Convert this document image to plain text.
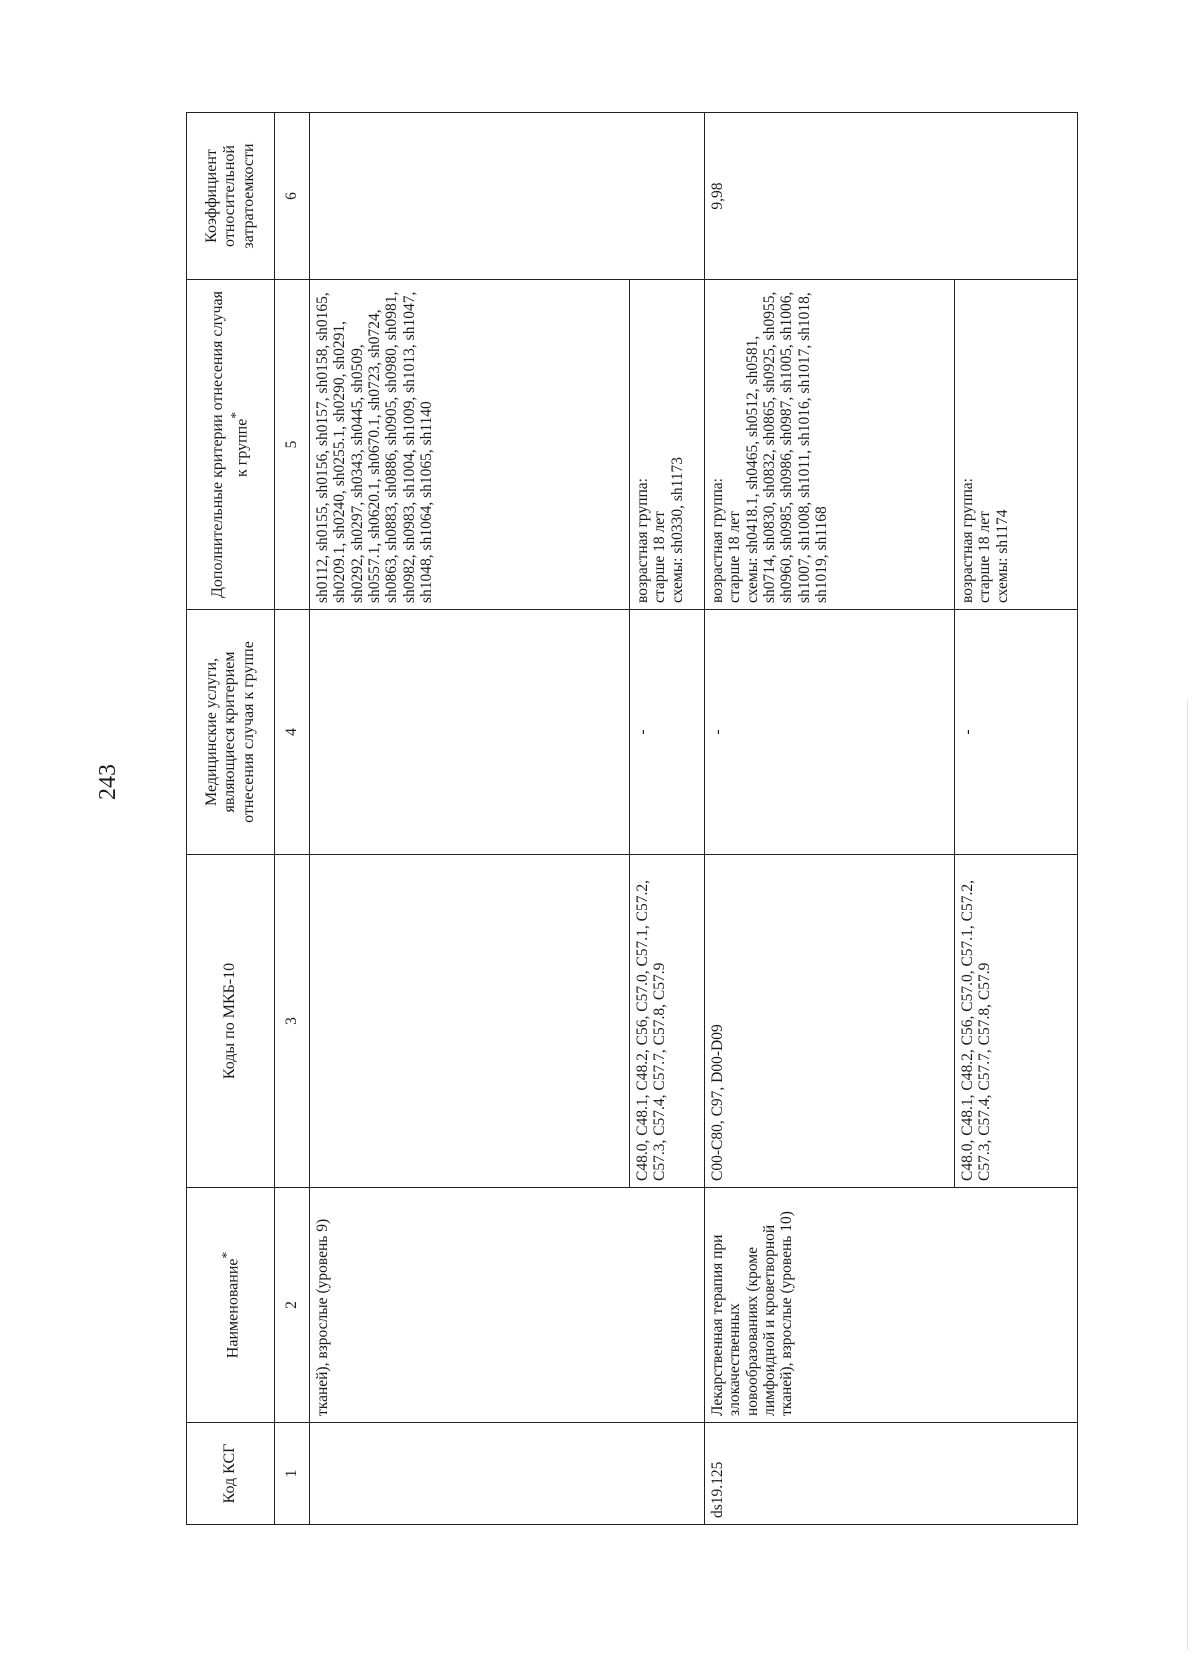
243
Код КСГ	Наименование*	Коды по МКБ-10	Медицинские услуги, являющиеся критерием отнесения случая к группе	Дополнительные критерии отнесения случая к группе*	Коэффициент относительной затратоемкости
1	2	3	4	5	6
	тканей), взрослые (уровень 9)			sh0112, sh0155, sh0156, sh0157, sh0158, sh0165, sh0209.1, sh0240, sh0255.1, sh0290, sh0291, sh0292, sh0297, sh0343, sh0445, sh0509, sh0557.1, sh0620.1, sh0670.1, sh0723, sh0724, sh0863, sh0883, sh0886, sh0905, sh0980, sh0981, sh0982, sh0983, sh1004, sh1009, sh1013, sh1047, sh1048, sh1064, sh1065, sh1140	
		C48.0, C48.1, C48.2, C56, C57.0, C57.1, C57.2, C57.3, C57.4, C57.7, C57.8, C57.9	-	возрастная группа: старше 18 лет схемы: sh0330, sh1173	

ds19.125	Лекарственная терапия при злокачественных новообразованиях (кроме лимфоидной и кроветворной тканей), взрослые (уровень 10)	C00-C80, C97, D00-D09	-	возрастная группа: старше 18 лет схемы: sh0418.1, sh0465, sh0512, sh0581, sh0714, sh0830, sh0832, sh0865, sh0925, sh0955, sh0960, sh0985, sh0986, sh0987, sh1005, sh1006, sh1007, sh1008, sh1011, sh1016, sh1017, sh1018, sh1019, sh1168	9,98
		C48.0, C48.1, C48.2, C56, C57.0, C57.1, C57.2, C57.3, C57.4, C57.7, C57.8, C57.9	-	возрастная группа: старше 18 лет схемы: sh1174	
